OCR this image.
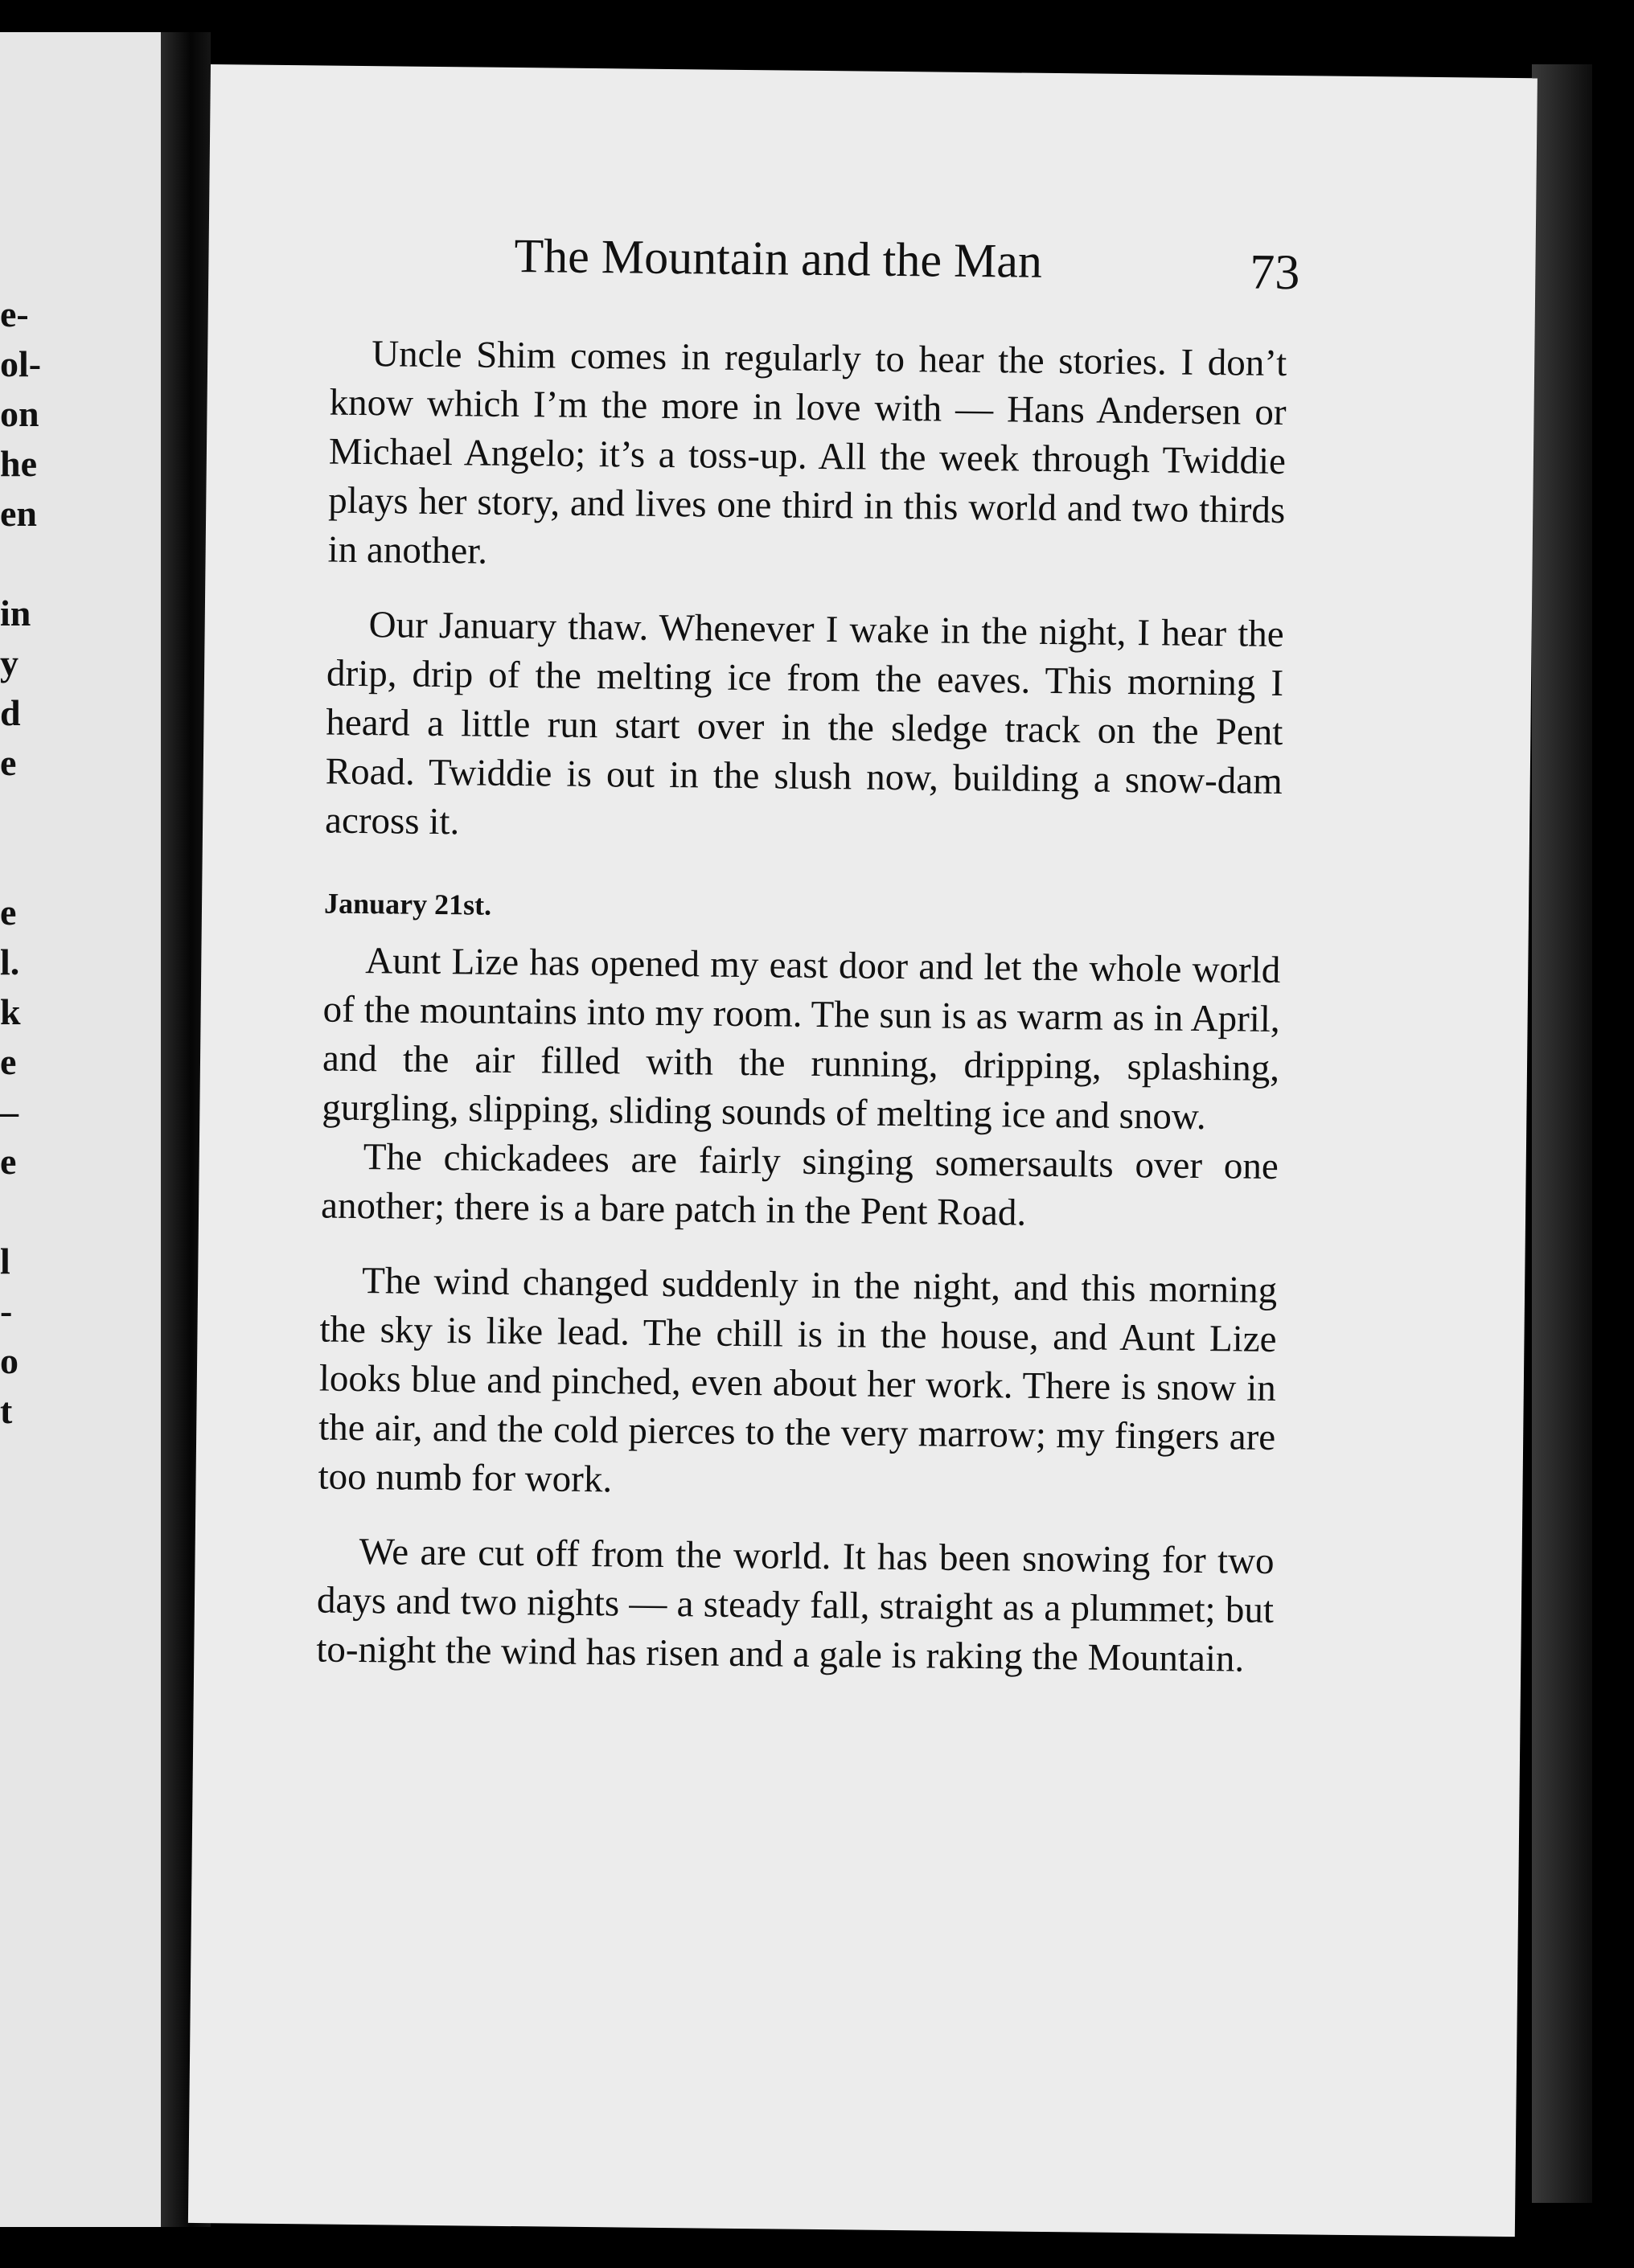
e-
ol-
on
he
en
in
y
d
e
e
l.
k
e
–
e
l
-
o
t
The Mountain and the Man	73

Uncle Shim comes in regularly to hear the stories. I don’t know which I’m the more in love with — Hans Andersen or Michael Angelo; it’s a toss-up. All the week through Twiddie plays her story, and lives one third in this world and two thirds in another.

Our January thaw. Whenever I wake in the night, I hear the drip, drip of the melting ice from the eaves. This morning I heard a little run start over in the sledge track on the Pent Road. Twiddie is out in the slush now, building a snow-dam across it.

January 21st.

Aunt Lize has opened my east door and let the whole world of the mountains into my room. The sun is as warm as in April, and the air filled with the running, dripping, splashing, gurgling, slipping, sliding sounds of melting ice and snow.

The chickadees are fairly singing somersaults over one another; there is a bare patch in the Pent Road.

The wind changed suddenly in the night, and this morning the sky is like lead. The chill is in the house, and Aunt Lize looks blue and pinched, even about her work. There is snow in the air, and the cold pierces to the very marrow; my fingers are too numb for work.

We are cut off from the world. It has been snowing for two days and two nights — a steady fall, straight as a plummet; but to-night the wind has risen and a gale is raking the Mountain.
